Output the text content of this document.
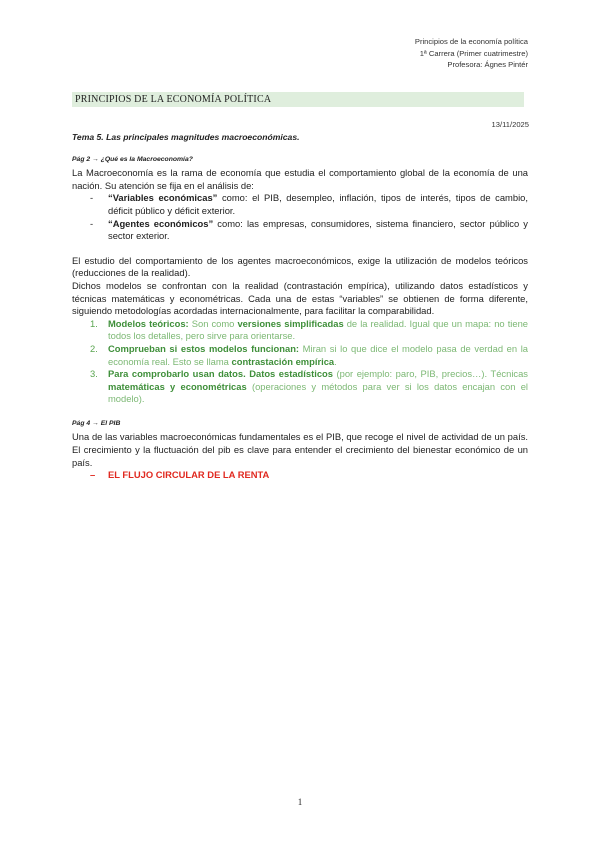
Principios de la economía política
1ª Carrera (Primer cuatrimestre)
Profesora: Ágnes Pintér
PRINCIPIOS DE LA ECONOMÍA POLÍTICA
13/11/2025
Tema 5. Las principales magnitudes macroeconómicas.
Pág 2 → ¿Qué es la Macroeconomía?
La Macroeconomía es la rama de economía que estudia el comportamiento global de la economía de una nación. Su atención se fija en el análisis de:
- “Variables económicas” como: el PIB, desempleo, inflación, tipos de interés, tipos de cambio, déficit público y déficit exterior.
- “Agentes económicos” como: las empresas, consumidores, sistema financiero, sector público y sector exterior.
El estudio del comportamiento de los agentes macroeconómicos, exige la utilización de modelos teóricos (reducciones de la realidad).
Dichos modelos se confrontan con la realidad (contrastación empírica), utilizando datos estadísticos y técnicas matemáticas y econométricas. Cada una de estas “variables” se obtienen de forma diferente, siguiendo metodologías acordadas internacionalmente, para facilitar la comparabilidad.
1. Modelos teóricos: Son como versiones simplificadas de la realidad. Igual que un mapa: no tiene todos los detalles, pero sirve para orientarse.
2. Comprueban si estos modelos funcionan: Miran si lo que dice el modelo pasa de verdad en la economía real. Esto se llama contrastación empírica.
3. Para comprobarlo usan datos. Datos estadísticos (por ejemplo: paro, PIB, precios…). Técnicas matemáticas y econométricas (operaciones y métodos para ver si los datos encajan con el modelo).
Pág 4 → El PIB
Una de las variables macroeconómicas fundamentales es el PIB, que recoge el nivel de actividad de un país. El crecimiento y la fluctuación del pib es clave para entender el crecimiento del bienestar económico de un país.
– EL FLUJO CIRCULAR DE LA RENTA
1
